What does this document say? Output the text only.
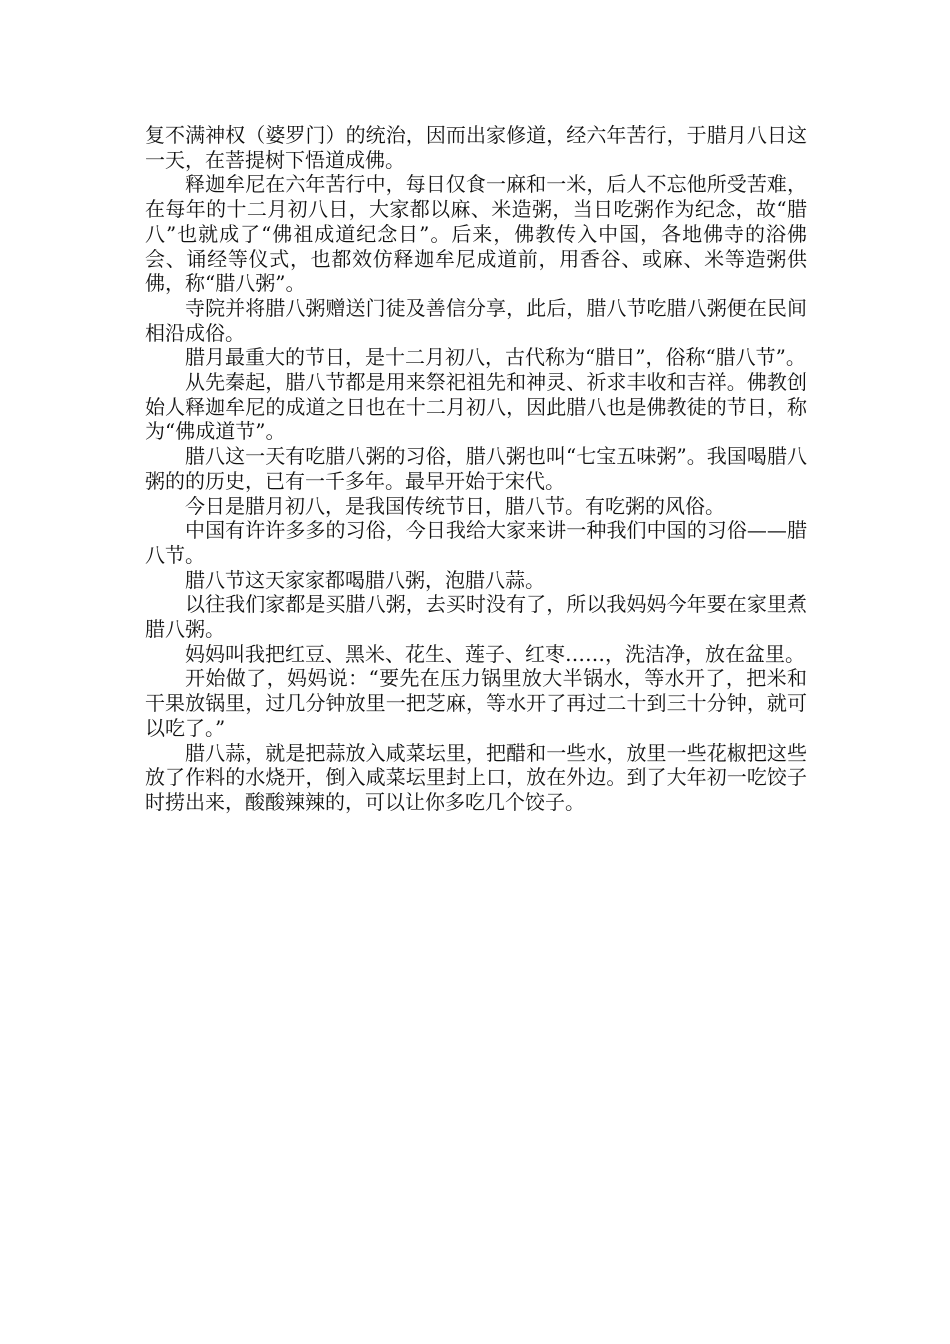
复不满神权（婆罗门）的统治，因而出家修道，经六年苦行，于腊月八日这一天，在菩提树下悟道成佛。

释迦牟尼在六年苦行中，每日仅食一麻和一米，后人不忘他所受苦难，在每年的十二月初八日，大家都以麻、米造粥，当日吃粥作为纪念，故“腊八”也就成了“佛祖成道纪念日”。后来，佛教传入中国，各地佛寺的浴佛会、诵经等仪式，也都效仿释迦牟尼成道前，用香谷、或麻、米等造粥供佛，称“腊八粥”。

寺院并将腊八粥赠送门徒及善信分享，此后，腊八节吃腊八粥便在民间相沿成俗。

腊月最重大的节日，是十二月初八，古代称为“腊日”，俗称“腊八节”。

从先秦起，腊八节都是用来祭祀祖先和神灵、祈求丰收和吉祥。佛教创始人释迦牟尼的成道之日也在十二月初八，因此腊八也是佛教徒的节日，称为“佛成道节”。

腊八这一天有吃腊八粥的习俗，腊八粥也叫“七宝五味粥”。我国喝腊八粥的的历史，已有一千多年。最早开始于宋代。

今日是腊月初八，是我国传统节日，腊八节。有吃粥的风俗。

中国有许许多多的习俗，今日我给大家来讲一种我们中国的习俗——腊八节。

腊八节这天家家都喝腊八粥，泡腊八蒜。

以往我们家都是买腊八粥，去买时没有了，所以我妈妈今年要在家里煮腊八粥。

妈妈叫我把红豆、黑米、花生、莲子、红枣……，洗洁净，放在盆里。

开始做了，妈妈说：“要先在压力锅里放大半锅水，等水开了，把米和干果放锅里，过几分钟放里一把芝麻，等水开了再过二十到三十分钟，就可以吃了。”

腊八蒜，就是把蒜放入咸菜坛里，把醋和一些水，放里一些花椒把这些放了作料的水烧开，倒入咸菜坛里封上口，放在外边。到了大年初一吃饺子时捞出来，酸酸辣辣的，可以让你多吃几个饺子。
